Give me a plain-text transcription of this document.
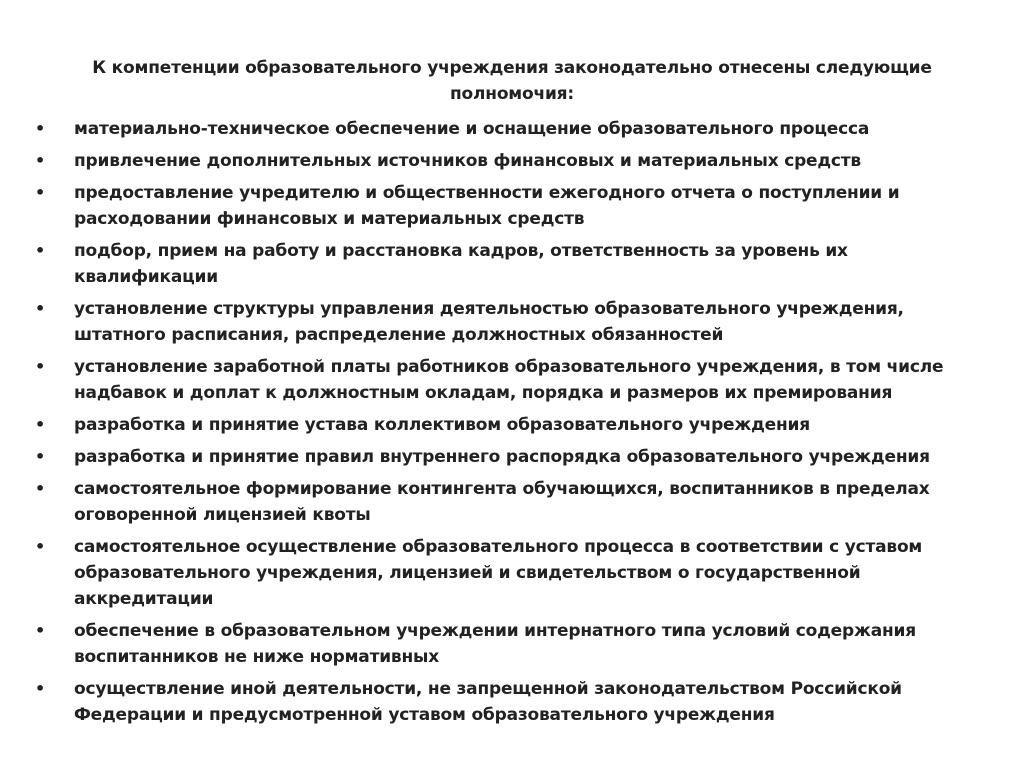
К компетенции образовательного учреждения законодательно отнесены следующие полномочия:
• материально-техническое обеспечение и оснащение образовательного процесса
• привлечение дополнительных источников финансовых и материальных средств
• предоставление учредителю и общественности ежегодного отчета о поступлении и расходовании финансовых и материальных средств
• подбор, прием на работу и расстановка кадров, ответственность за уровень их квалификации
• установление структуры управления деятельностью образовательного учреждения, штатного расписания, распределение должностных обязанностей
• установление заработной платы работников образовательного учреждения, в том числе надбавок и доплат к должностным окладам, порядка и размеров их премирования
• разработка и принятие устава коллективом образовательного учреждения
• разработка и принятие правил внутреннего распорядка образовательного учреждения
• самостоятельное формирование контингента обучающихся, воспитанников в пределах оговоренной лицензией квоты
• самостоятельное осуществление образовательного процесса в соответствии с уставом образовательного учреждения, лицензией и свидетельством о государственной аккредитации
• обеспечение в образовательном учреждении интернатного типа условий содержания воспитанников не ниже нормативных
• осуществление иной деятельности, не запрещенной законодательством Российской Федерации и предусмотренной уставом образовательного учреждения
